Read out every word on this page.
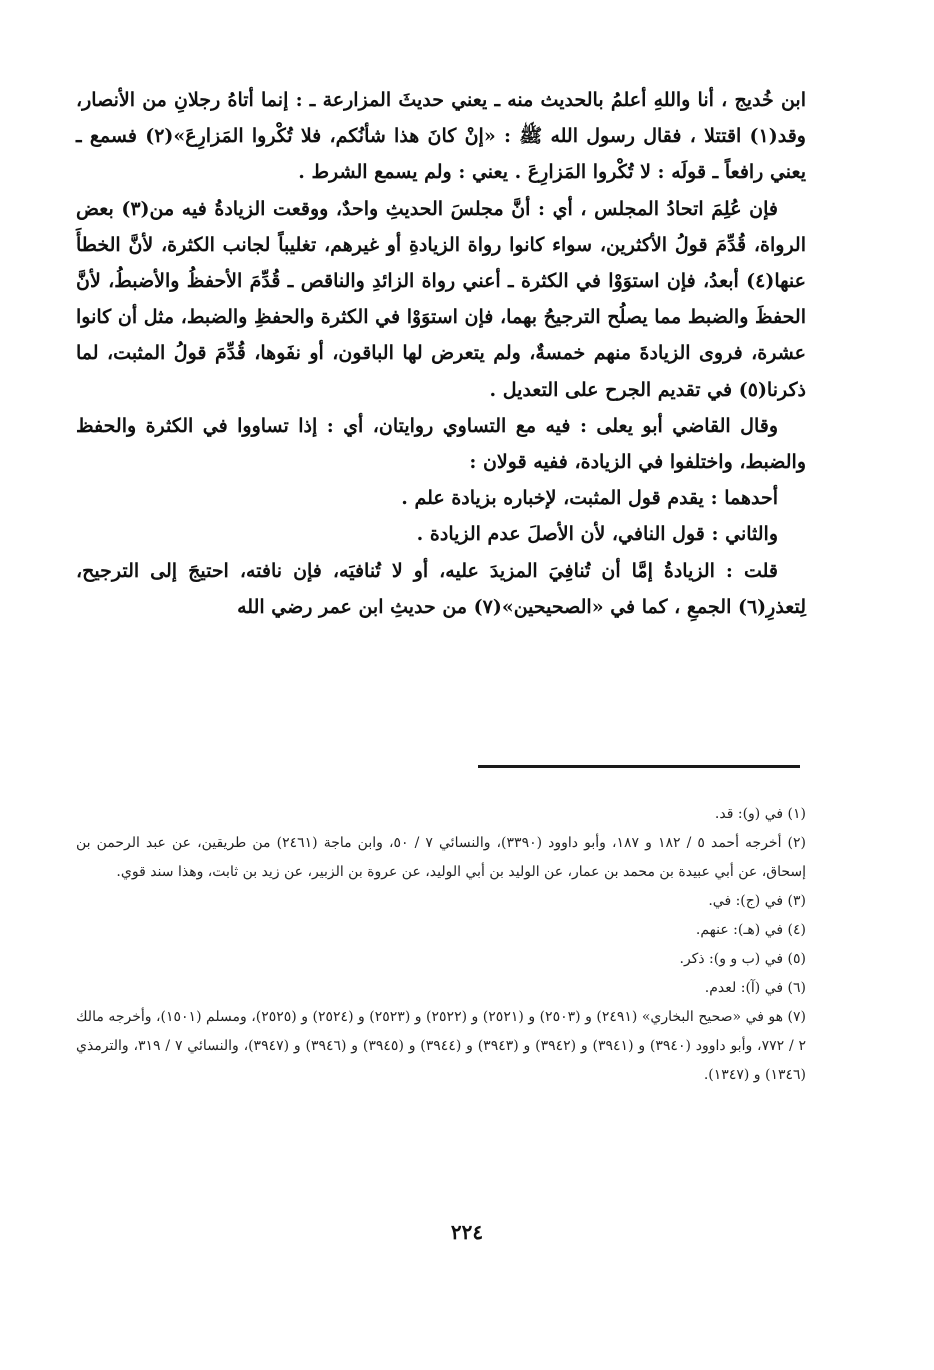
ابن خُديج ، أنا واللهِ أعلمُ بالحديث منه ـ يعني حديثَ المزارعة ـ : إنما أتاهُ رجلانِ من الأنصار، وقد(١) اقتتلا ، فقال رسول الله ﷺ : «إنْ كانَ هذا شأنُكم، فلا تُكْروا المَزارِعَ»(٢) فسمع ـ يعني رافعاً ـ قولَه : لا تُكْروا المَزارِعَ . يعني : ولم يسمع الشرط .

فإن عُلِمَ اتحادُ المجلس ، أي : أنَّ مجلسَ الحديثِ واحدٌ، ووقعت الزيادةُ فيه من(٣) بعض الرواة، قُدِّمَ قولُ الأكثرين، سواء كانوا رواة الزيادةِ أو غيرهم، تغليباً لجانب الكثرة، لأنَّ الخطأَ عنها(٤) أبعدُ، فإن استوَوْا في الكثرة ـ أعني رواة الزائدِ والناقص ـ قُدِّمَ الأحفظُ والأضبطُ، لأنَّ الحفظَ والضبط مما يصلُح الترجيحُ بهما، فإن استوَوْا في الكثرة والحفظِ والضبط، مثل أن كانوا عشرة، فروى الزيادةَ منهم خمسةٌ، ولم يتعرض لها الباقون، أو نفَوها، قُدِّمَ قولُ المثبت، لما ذكرنا(٥) في تقديم الجرح على التعديل .

وقال القاضي أبو يعلى : فيه مع التساوي روايتان، أي : إذا تساووا في الكثرة والحفظ والضبط، واختلفوا في الزيادة، ففيه قولان :

أحدهما : يقدم قول المثبت، لإخباره بزيادة علم .

والثاني : قول النافي، لأن الأصلَ عدم الزيادة .

قلت : الزيادةُ إمَّا أن تُنافِيَ المزيدَ عليه، أو لا تُنافيَه، فإن نافته، احتيجَ إلى الترجيح، لِتعذرِ(٦) الجمعِ ، كما في «الصحيحين»(٧) من حديثِ ابن عمر رضي الله

(١) في (و): قد.

(٢) أخرجه أحمد ٥ / ١٨٢ و ١٨٧، وأبو داوود (٣٣٩٠)، والنسائي ٧ / ٥٠، وابن ماجة (٢٤٦١) من طريقين، عن عبد الرحمن بن إسحاق، عن أبي عبيدة بن محمد بن عمار، عن الوليد بن أبي الوليد، عن عروة بن الزبير، عن زيد بن ثابت، وهذا سند قوي.

(٣) في (ج): في.

(٤) في (هـ): عنهم.

(٥) في (ب و و): ذكر.

(٦) في (آ): لعدم.

(٧) هو في «صحيح البخاري» (٢٤٩١) و (٢٥٠٣) و (٢٥٢١) و (٢٥٢٢) و (٢٥٢٣) و (٢٥٢٤) و (٢٥٢٥)، ومسلم (١٥٠١)، وأخرجه مالك ٢ / ٧٧٢، وأبو داوود (٣٩٤٠) و (٣٩٤١) و (٣٩٤٢) و (٣٩٤٣) و (٣٩٤٤) و (٣٩٤٥) و (٣٩٤٦) و (٣٩٤٧)، والنسائي ٧ / ٣١٩، والترمذي (١٣٤٦) و (١٣٤٧).

٢٢٤
